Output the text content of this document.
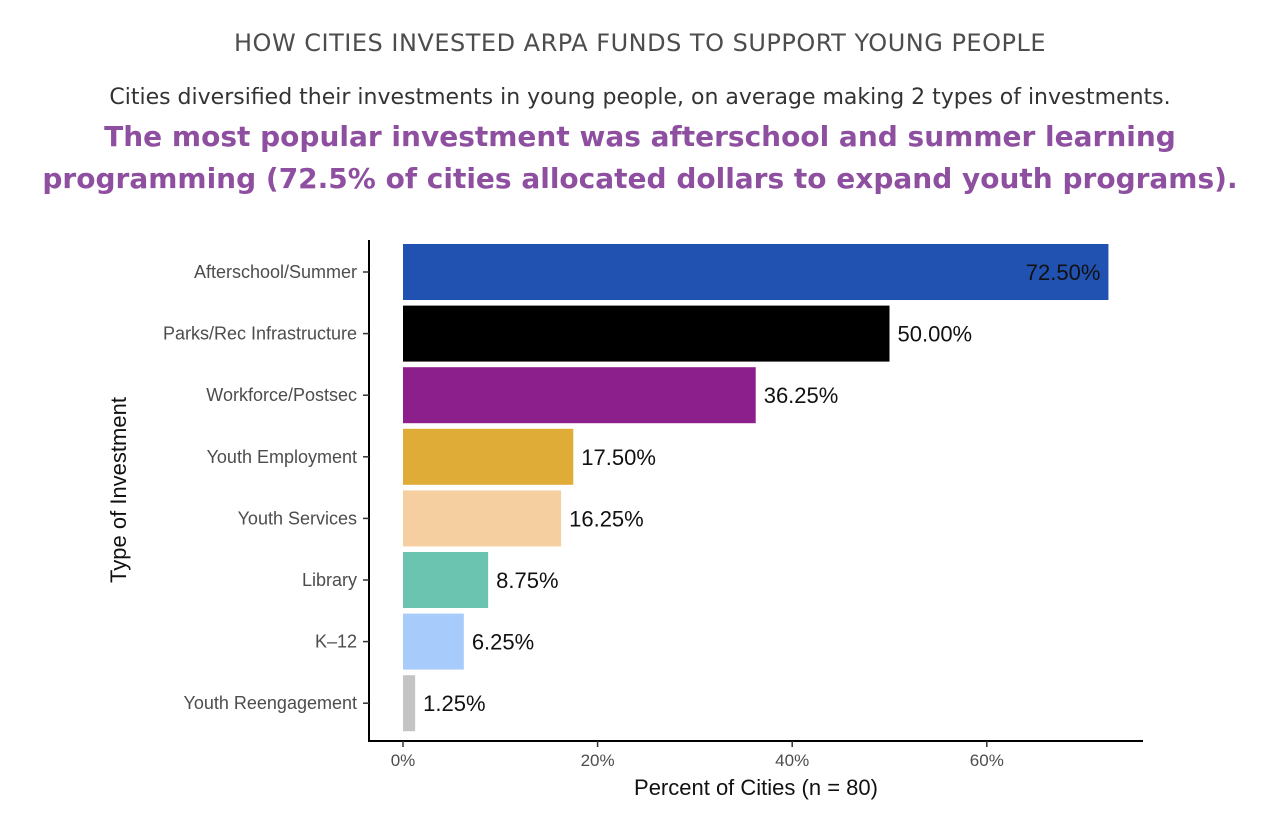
HOW CITIES INVESTED ARPA FUNDS TO SUPPORT YOUNG PEOPLE
Cities diversified their investments in young people, on average making 2 types of investments.
The most popular investment was afterschool and summer learning programming (72.5% of cities allocated dollars to expand youth programs).
72.50%
50.00%
36.25%
17.50%
16.25%
8.75%
6.25%
1.25%
Afterschool/Summer
Parks/Rec Infrastructure
Workforce/Postsec
Youth Employment
Youth Services
Library
K‒12
Youth Reengagement
0%	20%	40%	60%
Percent of Cities (n = 80)
Type of Investment
